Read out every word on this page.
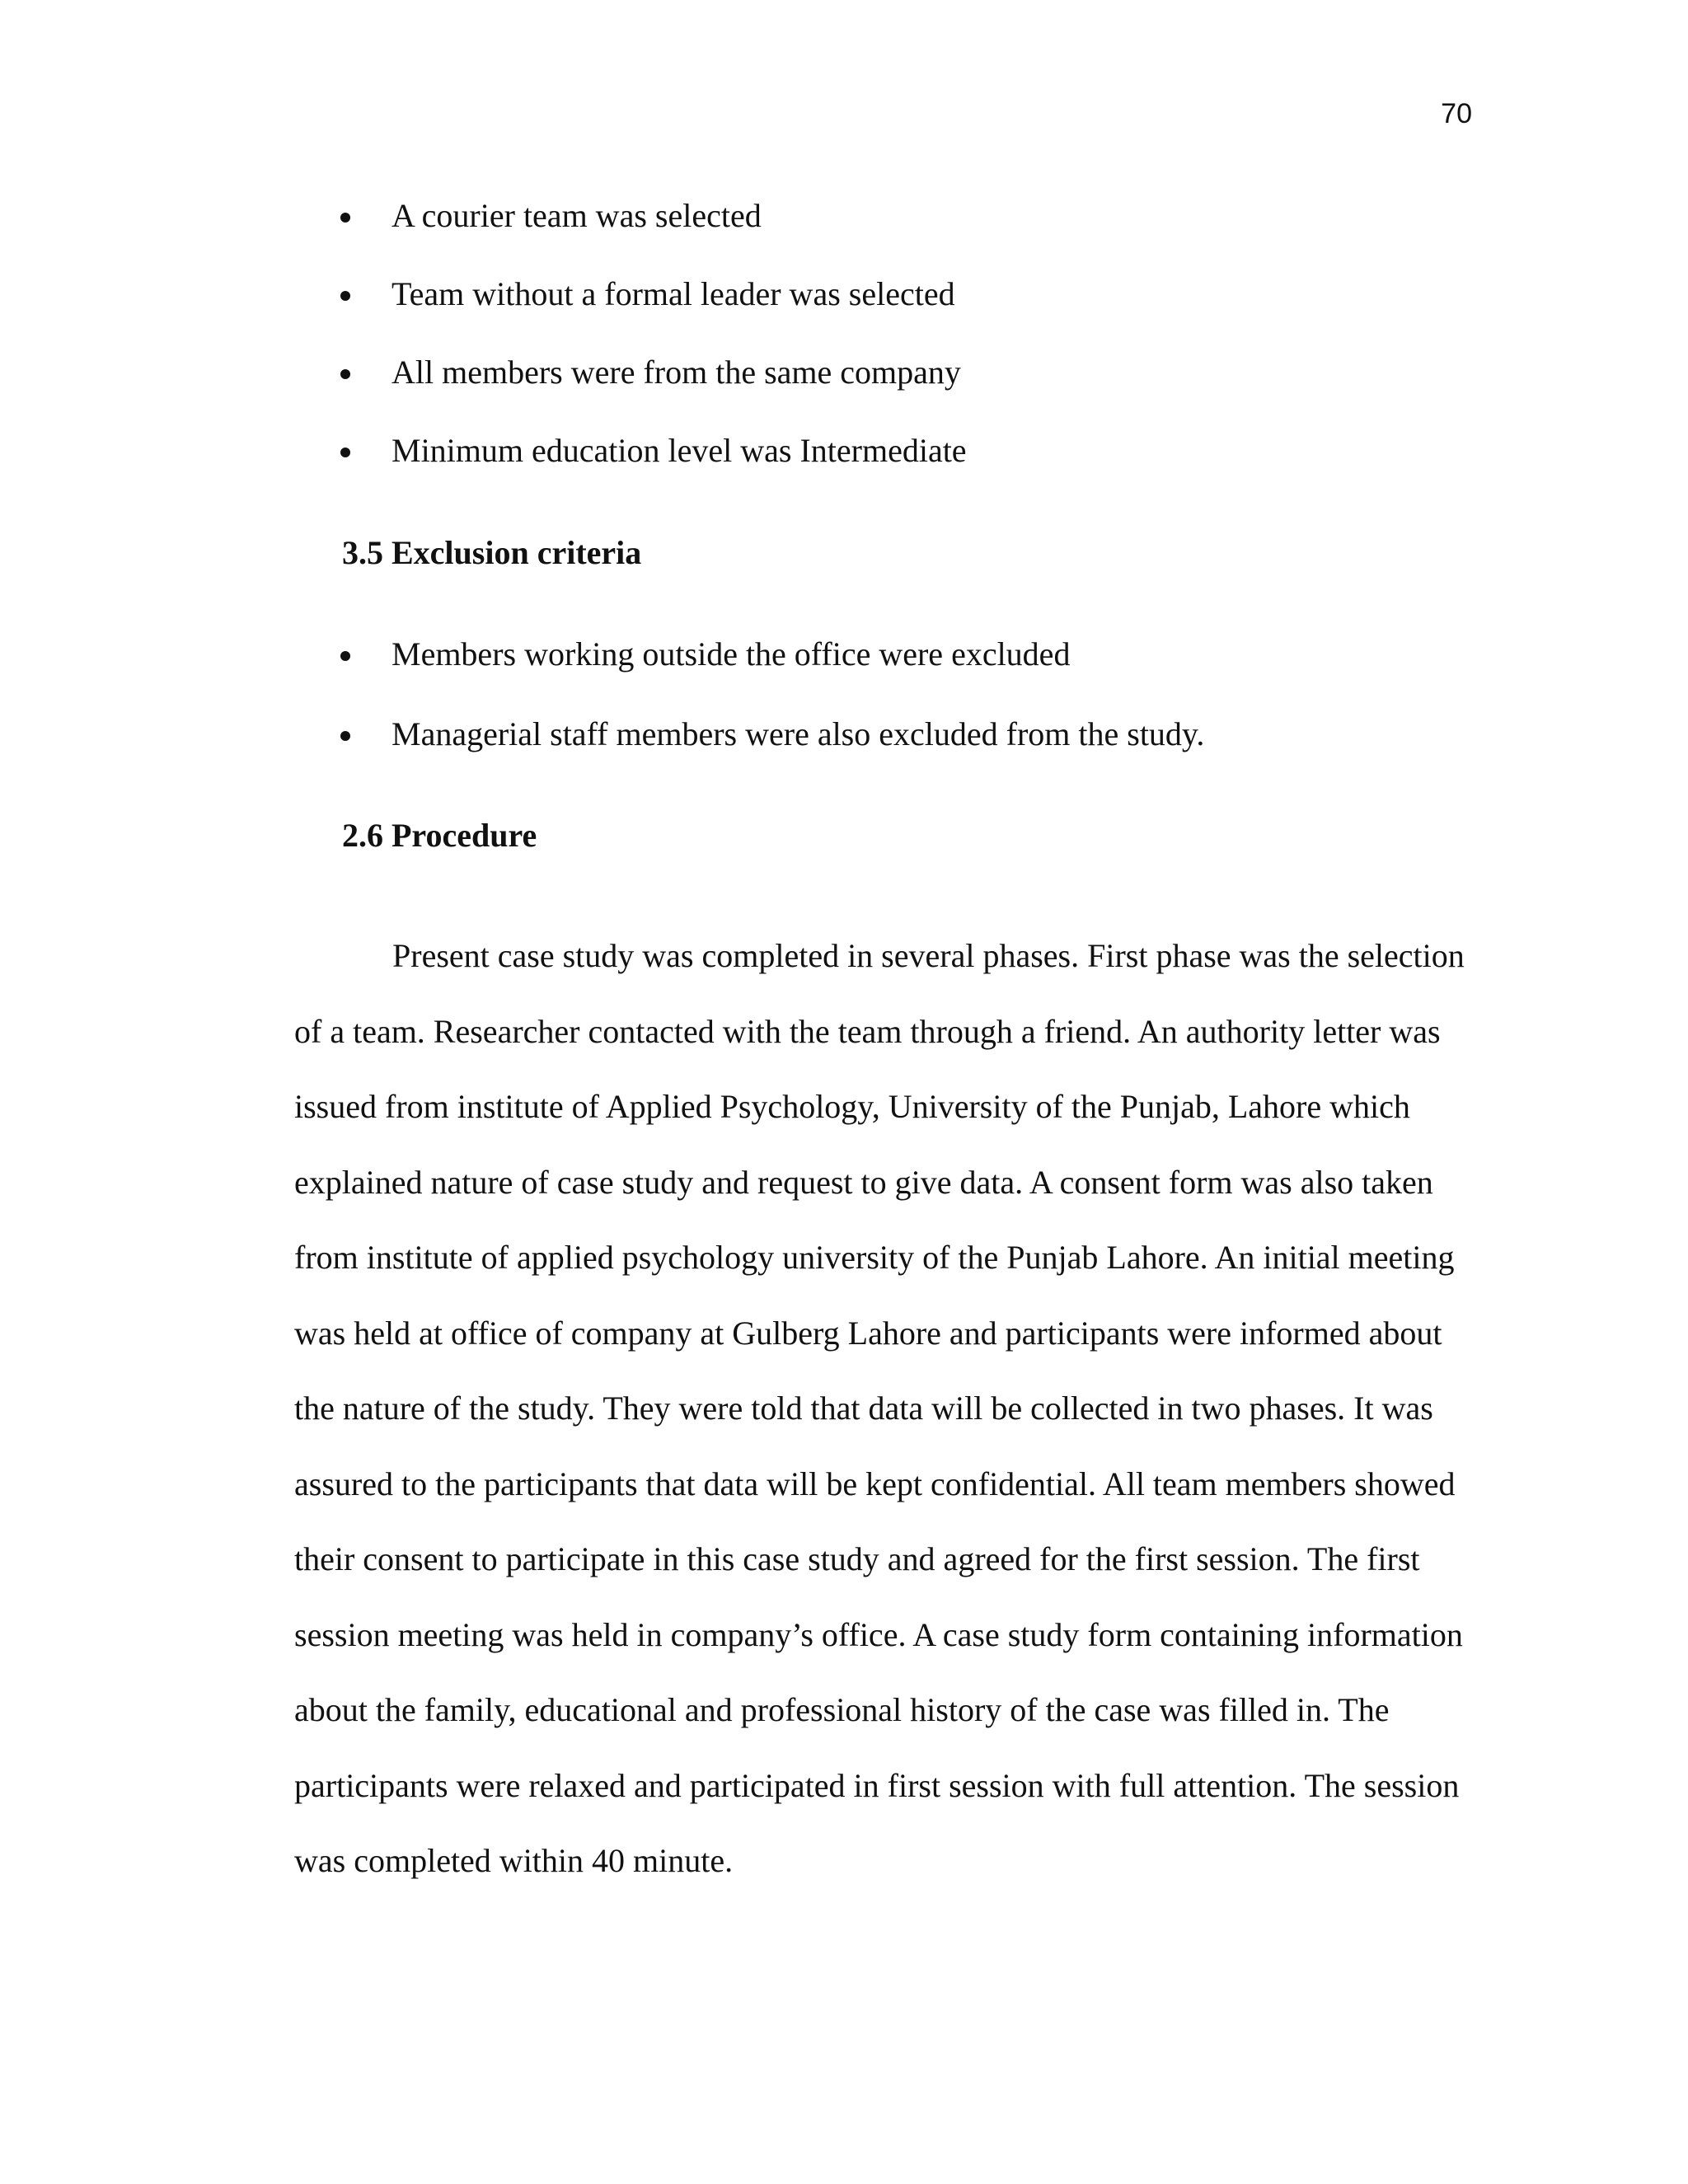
70
A courier team was selected
Team without a formal leader was selected
All members were from the same company
Minimum education level was Intermediate
3.5 Exclusion criteria
Members working outside the office were excluded
Managerial staff members were also excluded from the study.
2.6 Procedure

Present case study was completed in several phases. First phase was the selection
of a team. Researcher contacted with the team through a friend. An authority letter was
issued from institute of Applied Psychology, University of the Punjab, Lahore which
explained nature of case study and request to give data. A consent form was also taken
from institute of applied psychology university of the Punjab Lahore. An initial meeting
was held at office of company at Gulberg Lahore and participants were informed about
the nature of the study. They were told that data will be collected in two phases. It was
assured to the participants that data will be kept confidential. All team members showed
their consent to participate in this case study and agreed for the first session. The first
session meeting was held in company’s office. A case study form containing information
about the family, educational and professional history of the case was filled in. The
participants were relaxed and participated in first session with full attention. The session
was completed within 40 minute.
